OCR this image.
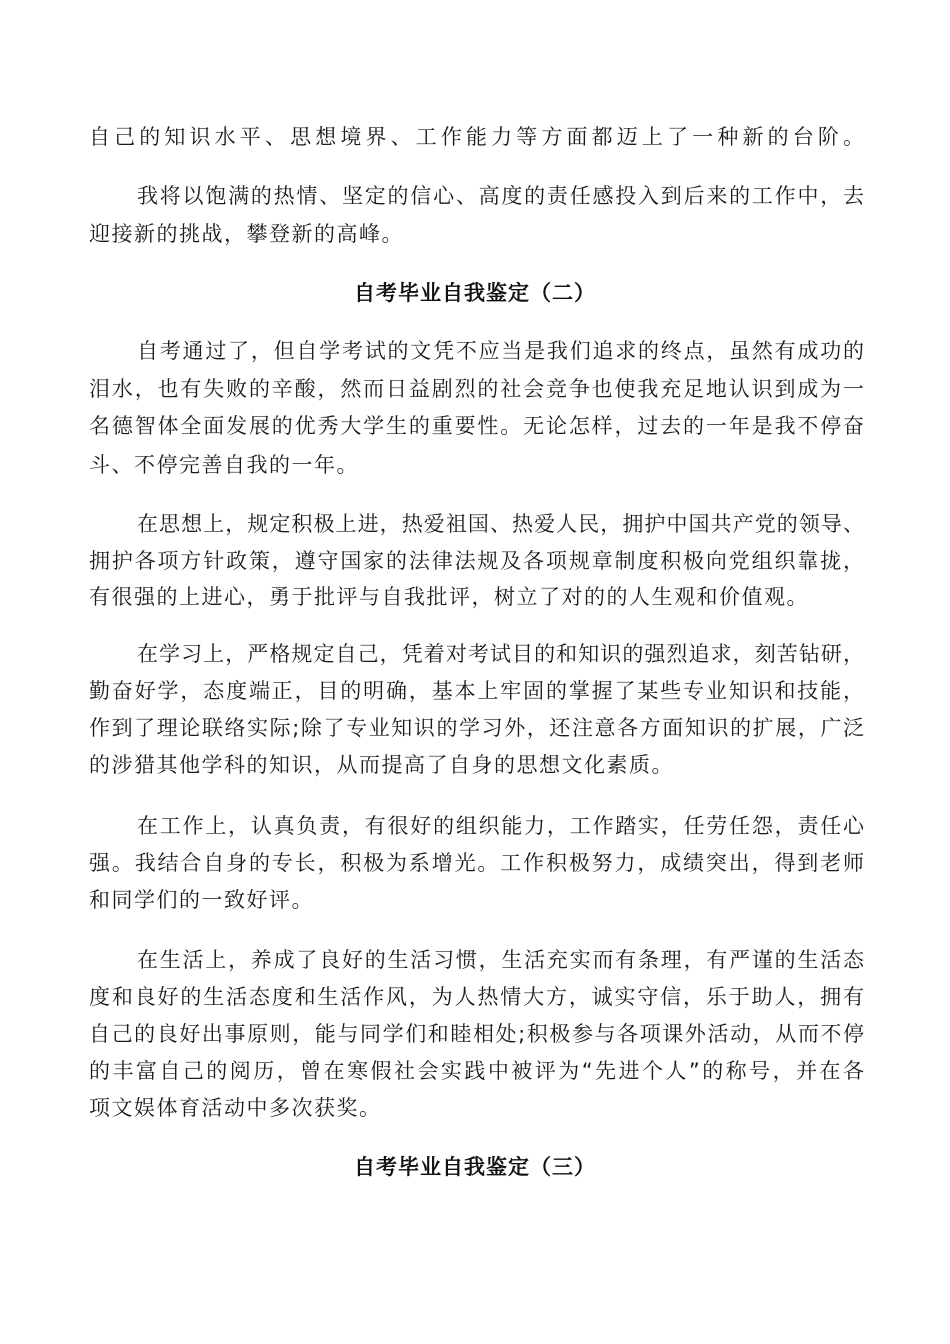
自己的知识水平、思想境界、工作能力等方面都迈上了一种新的台阶。
我将以饱满的热情、坚定的信心、高度的责任感投入到后来的工作中，去
迎接新的挑战，攀登新的高峰。
自考毕业自我鉴定（二）
自考通过了，但自学考试的文凭不应当是我们追求的终点，虽然有成功的
泪水，也有失败的辛酸，然而日益剧烈的社会竞争也使我充足地认识到成为一
名德智体全面发展的优秀大学生的重要性。无论怎样，过去的一年是我不停奋
斗、不停完善自我的一年。
在思想上，规定积极上进，热爱祖国、热爱人民，拥护中国共产党的领导、
拥护各项方针政策，遵守国家的法律法规及各项规章制度积极向党组织靠拢，
有很强的上进心，勇于批评与自我批评，树立了对的的人生观和价值观。
在学习上，严格规定自己，凭着对考试目的和知识的强烈追求，刻苦钻研，
勤奋好学，态度端正，目的明确，基本上牢固的掌握了某些专业知识和技能，
作到了理论联络实际;除了专业知识的学习外，还注意各方面知识的扩展，广泛
的涉猎其他学科的知识，从而提高了自身的思想文化素质。
在工作上，认真负责，有很好的组织能力，工作踏实，任劳任怨，责任心
强。我结合自身的专长，积极为系增光。工作积极努力，成绩突出，得到老师
和同学们的一致好评。
在生活上，养成了良好的生活习惯，生活充实而有条理，有严谨的生活态
度和良好的生活态度和生活作风，为人热情大方，诚实守信，乐于助人，拥有
自己的良好出事原则，能与同学们和睦相处;积极参与各项课外活动，从而不停
的丰富自己的阅历，曾在寒假社会实践中被评为“先进个人”的称号，并在各
项文娱体育活动中多次获奖。
自考毕业自我鉴定（三）
